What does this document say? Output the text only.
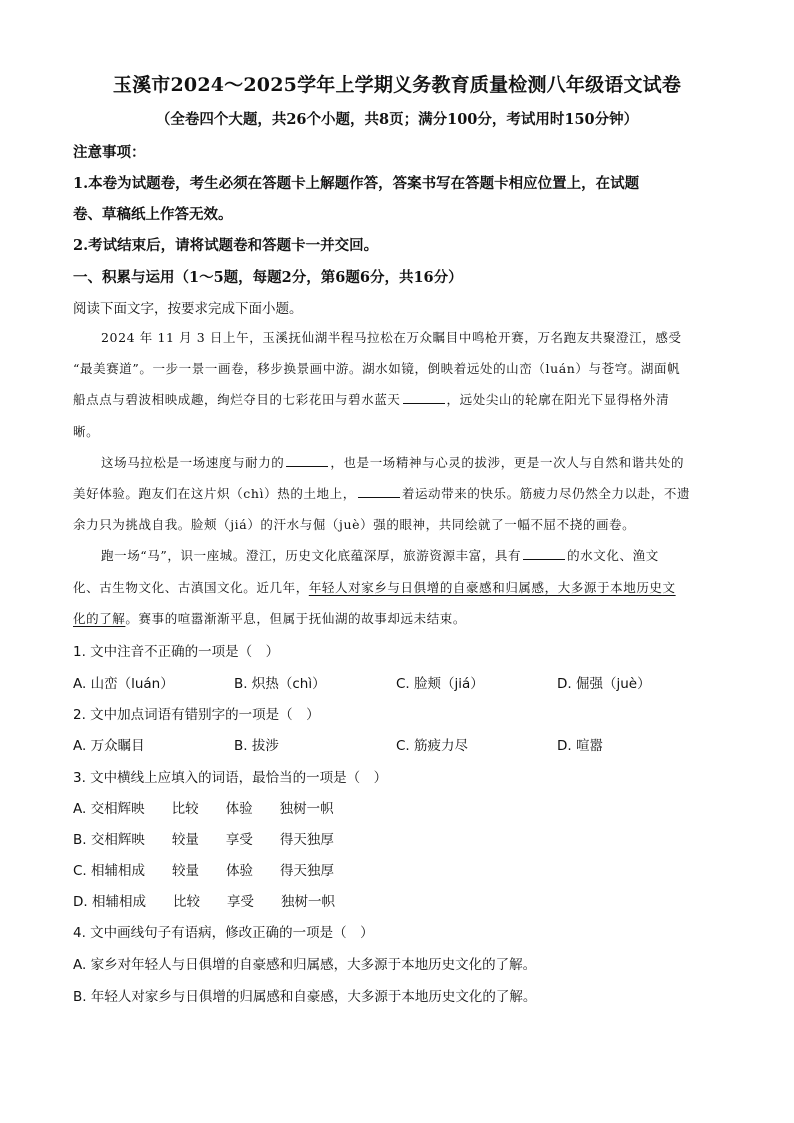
玉溪市2024～2025学年上学期义务教育质量检测八年级语文试卷
（全卷四个大题，共26个小题，共8页；满分100分，考试用时150分钟）
注意事项：
1.本卷为试题卷，考生必须在答题卡上解题作答，答案书写在答题卡相应位置上，在试题
卷、草稿纸上作答无效。
2.考试结束后，请将试题卷和答题卡一并交回。
一、积累与运用（1～5题，每题2分，第6题6分，共16分）
阅读下面文字，按要求完成下面小题。
2024 年 11 月 3 日上午，玉溪抚仙湖半程马拉松在万众瞩目中鸣枪开赛，万名跑友共聚澄江，感受
“最美赛道”。一步一景一画卷，移步换景画中游。湖水如镜，倒映着远处的山峦（luán）与苍穹。湖面帆
船点点与碧波相映成趣，绚烂夺目的七彩花田与碧水蓝天	，远处尖山的轮廓在阳光下显得格外清
晰。
这场马拉松是一场速度与耐力的	，也是一场精神与心灵的拔涉，更是一次人与自然和谐共处的
美好体验。跑友们在这片炽（chì）热的土地上，	着运动带来的快乐。筋疲力尽仍然全力以赴，不遗
余力只为挑战自我。脸颊（jiá）的汗水与倔（juè）强的眼神，共同绘就了一幅不屈不挠的画卷。
跑一场“马”，识一座城。澄江，历史文化底蕴深厚，旅游资源丰富，具有	的水文化、渔文
化、古生物文化、古滇国文化。近几年，年轻人对家乡与日俱增的自豪感和归属感，大多源于本地历史文
化的了解。赛事的喧嚣渐渐平息，但属于抚仙湖的故事却远未结束。
1. 文中注音不正确的一项是（　）
A. 山峦（luán）	B. 炽热（chì）	C. 脸颊（jiá）	D. 倔强（juè）
2. 文中加点词语有错别字的一项是（　）
A. 万众瞩目	B. 拔涉	C. 筋疲力尽	D. 喧嚣
3. 文中横线上应填入的词语，最恰当的一项是（　）
A. 交相辉映　　比较　　体验　　独树一帜
B. 交相辉映　　较量　　享受　　得天独厚
C. 相辅相成　　较量　　体验　　得天独厚
D. 相辅相成　　比较　　享受　　独树一帜
4. 文中画线句子有语病，修改正确的一项是（　）
A. 家乡对年轻人与日俱增的自豪感和归属感，大多源于本地历史文化的了解。
B. 年轻人对家乡与日俱增的归属感和自豪感，大多源于本地历史文化的了解。
